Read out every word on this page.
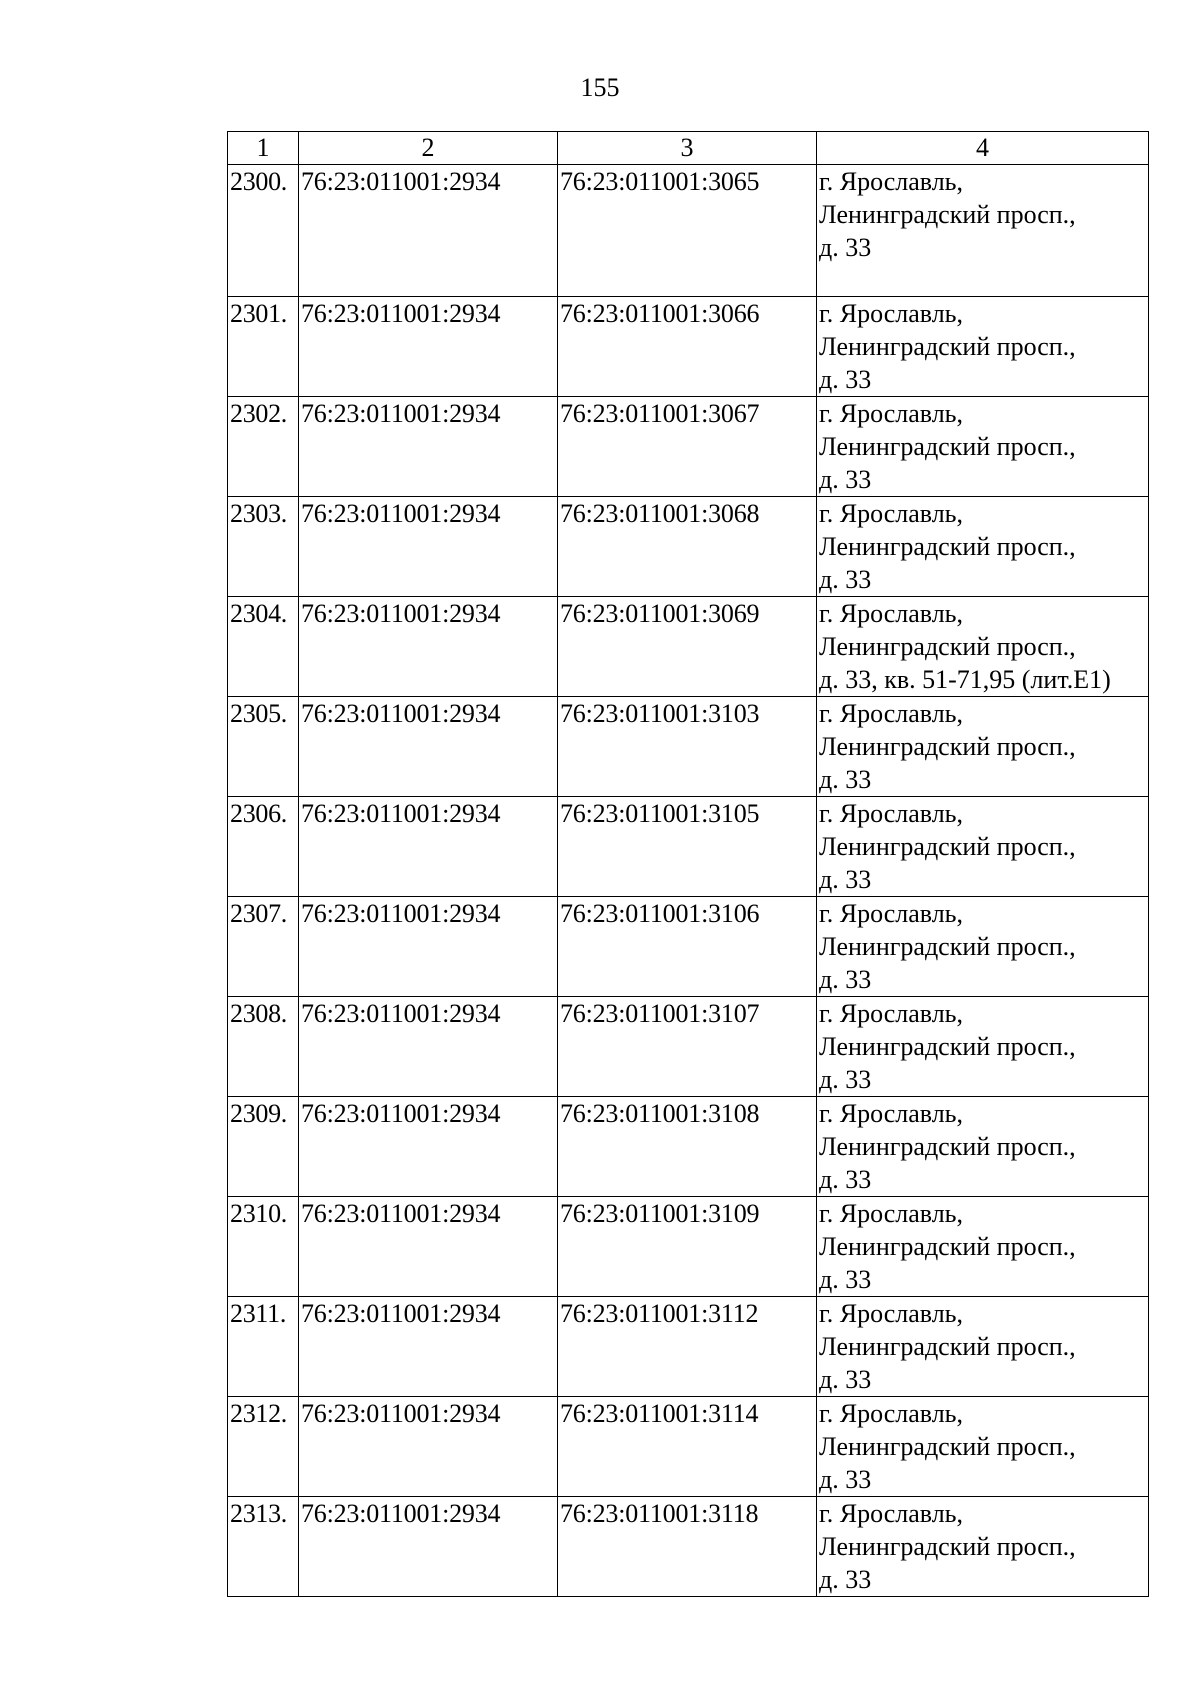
155
1	2	3	4
2300.	76:23:011001:2934	76:23:011001:3065	г. Ярославль,
Ленинградский просп.,
д. 33

2301.	76:23:011001:2934	76:23:011001:3066	г. Ярославль,
Ленинградский просп.,
д. 33

2302.	76:23:011001:2934	76:23:011001:3067	г. Ярославль,
Ленинградский просп.,
д. 33

2303.	76:23:011001:2934	76:23:011001:3068	г. Ярославль,
Ленинградский просп.,
д. 33

2304.	76:23:011001:2934	76:23:011001:3069	г. Ярославль,
Ленинградский просп.,
д. 33, кв. 51-71,95 (лит.Е1)

2305.	76:23:011001:2934	76:23:011001:3103	г. Ярославль,
Ленинградский просп.,
д. 33

2306.	76:23:011001:2934	76:23:011001:3105	г. Ярославль,
Ленинградский просп.,
д. 33

2307.	76:23:011001:2934	76:23:011001:3106	г. Ярославль,
Ленинградский просп.,
д. 33

2308.	76:23:011001:2934	76:23:011001:3107	г. Ярославль,
Ленинградский просп.,
д. 33

2309.	76:23:011001:2934	76:23:011001:3108	г. Ярославль,
Ленинградский просп.,
д. 33

2310.	76:23:011001:2934	76:23:011001:3109	г. Ярославль,
Ленинградский просп.,
д. 33

2311.	76:23:011001:2934	76:23:011001:3112	г. Ярославль,
Ленинградский просп.,
д. 33

2312.	76:23:011001:2934	76:23:011001:3114	г. Ярославль,
Ленинградский просп.,
д. 33

2313.	76:23:011001:2934	76:23:011001:3118	г. Ярославль,
Ленинградский просп.,
д. 33
